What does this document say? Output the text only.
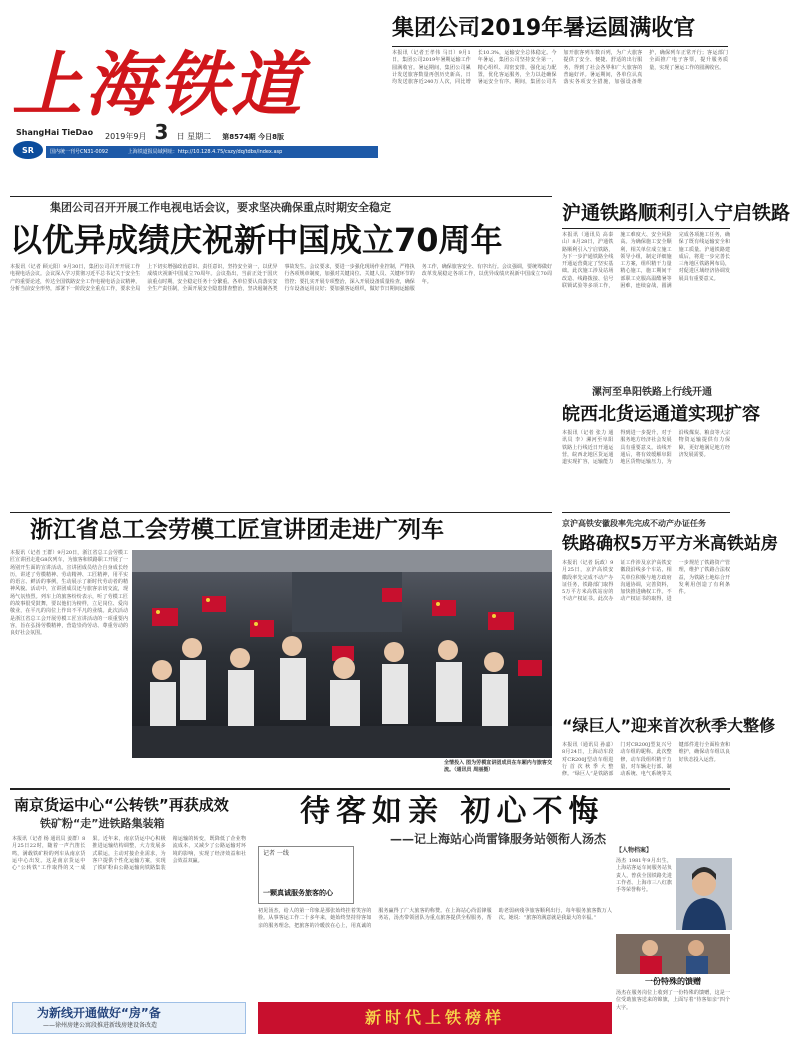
上海铁道
ShangHai TieDao 2019年9月 3 日 星期二 第8574期 今日8版
SR	国内统一刊号CN31-0092	上海铁道报局域网址：http://10.128.4.75/cszy/dq/tdbs/index.asp
集团公司2019年暑运圆满收官
本报讯（记者王孝伟 马日）9月1日，集团公司2019年暑期运输工作圆满收官。暑运期间，集团公司累计发送旅客数量再创历史新高，日均发送旅客近240万人次，同比增长10.3%，运输安全总体稳定。今年暑运，集团公司坚持安全第一，精心组织、周密安排，强化运力配置，优化客运服务，全力以赴确保暑运安全有序。期间，集团公司共加开旅客列车数百列，为广大旅客提供了安全、便捷、舒适的出行服务，得到了社会各界和广大旅客的普遍好评。暑运期间，各单位认真落实各项安全措施，加强设备维护，确保列车正常开行；客运部门全面推广电子客票，提升服务质量，实现了暑运工作的圆满收官。
集团公司召开开展工作电视电话会议，要求坚决确保重点时期安全稳定
以优异成绩庆祝新中国成立70周年
本报讯（记者 顾元阳）9月30日，集团公司召开开展工作电视电话会议。会议深入学习贯彻习近平总书记关于安全生产的重要论述，传达全国铁路安全工作电视电话会议精神，分析当前安全形势，部署下一阶段安全重点工作，要求全局上下切实增强政治意识、责任意识，坚持安全第一，以优异成绩庆祝新中国成立70周年。会议指出，当前正处于国庆前重点时期，安全稳定任务十分繁重。各单位要认真落实安全生产责任制，全面开展安全隐患排查整治，坚决遏制各类事故发生。会议要求，要进一步强化现场作业控制，严格执行各项规章制度，加强对关键岗位、关键人员、关键环节的管控；要扎实开展专项整治，深入开展设备质量检查，确保行车设备运用良好；要加强客运组织，做好节日期间运输服务工作，确保旅客安全、有序出行。会议强调，要统筹做好改革发展稳定各项工作，以优异成绩庆祝新中国成立70周年。
沪通铁路顺利引入宁启铁路
本报讯（通讯员 高泰山）8月28日，沪通铁路顺利引入宁启铁路，为下一步沪通铁路全线开通运营奠定了坚实基础。此次施工涉及站场改造、线路拨接、信号联锁试验等多项工作，施工难度大、安全风险高。为确保施工安全顺利，相关单位成立施工领导小组，制定详细施工方案，组织精干力量精心施工，施工期间干部职工克服高温酷暑等困难，连续奋战，圆满完成各项施工任务，确保了既有线运输安全和施工质量。沪通铁路建成后，将进一步完善长三角地区铁路网布局，对促进区域经济协调发展具有重要意义。
漯河至阜阳铁路上行线开通
皖西北货运通道实现扩容
本报讯（记者 张力 通讯员 李）漯河至阜阳铁路上行线近日开通运营，皖西北地区货运通道实现扩容，运输能力得到进一步提升，对于服务地方经济社会发展具有重要意义。该线开通后，将有效缓解阜阳地区货物运输压力，为沿线煤炭、粮食等大宗物资运输提供有力保障，更好地满足地方经济发展需要。
浙江省总工会劳模工匠宣讲团走进广列车
本报讯（记者 王群）9月20日，浙江省总工会劳模工匠宣讲团走进G8次列车，为旅客和铁路职工开展了一场别开生面的宣讲活动。宣讲团成员结合自身成长经历，讲述了劳模精神、劳动精神、工匠精神，用平实的语言、鲜活的事例，生动展示了新时代劳动者的精神风貌。活动中，宣讲团成员还与旅客亲切交流，现场气氛热烈。列车上的旅客纷纷表示，听了劳模工匠的故事很受鼓舞，要以他们为榜样，立足岗位、爱岗敬业，在平凡的岗位上作出不平凡的业绩。此次活动是浙江省总工会开展劳模工匠宣讲活动的一项重要内容，旨在弘扬劳模精神，营造崇尚劳动、尊重劳动的良好社会氛围。
全情投入 图为劳模宣讲团成员在车厢内与旅客交流。（通讯员 周丽摄）
京沪高铁安徽段率先完成不动产办证任务
铁路确权5万平方米高铁站房
本报讯（记者 阮政）9月25日，京沪高铁安徽段率先完成不动产办证任务，铁路部门取得5万平方米高铁站房的不动产权证书。此次办证工作涉及京沪高铁安徽段沿线多个车站，相关单位积极与地方政府沟通协调，完善资料，加快推进确权工作。不动产权证书的取得，进一步规范了铁路资产管理，维护了铁路合法权益，为铁路土地综合开发利用创造了有利条件。
“绿巨人”迎来首次秋季大整修
本报讯（通讯员 孙嘉）8月24日，上海动车段对CR200J型动车组进行首次秋季大整修。“绿巨人”是铁路部门对CR200J型复兴号动车组的昵称。此次整修，动车段组织精干力量，对车辆走行部、制动系统、电气系统等关键部件进行全面检查和维护，确保动车组以良好状态投入运营。
南京货运中心“公转铁”再获成效
铁矿粉“走”进铁路集装箱
本报讯（记者 杨 通讯员 姜群）8月25日22时，随着一声汽笛长鸣，满载铁矿粉的列车从南京货运中心出发。这是南京货运中心“公转铁”工作取得的又一成果。近年来，南京货运中心积极推进运输结构调整，大力发展多式联运，主动对接企业需求，为客户提供个性化运输方案，实现了铁矿粉由公路运输向铁路集装箱运输的转变，既降低了企业物流成本，又减少了公路运输对环境的影响，实现了经济效益和社会效益双赢。
为新线开通做好“房”备
——徐州房建公寓段推进新线房建设备改造
待客如亲 初心不悔
——记上海站心尚雷锋服务站领衔人汤杰
记者 一线
一颗真诚服务旅客的心
初见汤杰，给人的第一印象是那张始终挂着笑容的脸。从事客运工作二十多年来，她始终坚持待客如亲的服务理念，把旅客的冷暖放在心上，用真诚的服务赢得了广大旅客的称赞。在上海站心尚雷锋服务站，汤杰带领团队为重点旅客提供全程服务，帮助老弱病残孕旅客顺利出行，每年服务旅客数万人次。她说：“旅客的满意就是我最大的幸福。”
【人物档案】
汤杰 1981年9月出生，上海站客运车间服务站负责人，曾获全国铁路先进工作者、上海市三八红旗手等荣誉称号。
一份特殊的馈赠
汤杰在服务岗位上收到了一份特殊的馈赠，这是一位受助旅客送来的锦旗，上面写着“待客如亲”四个大字。
新时代上铁榜样
